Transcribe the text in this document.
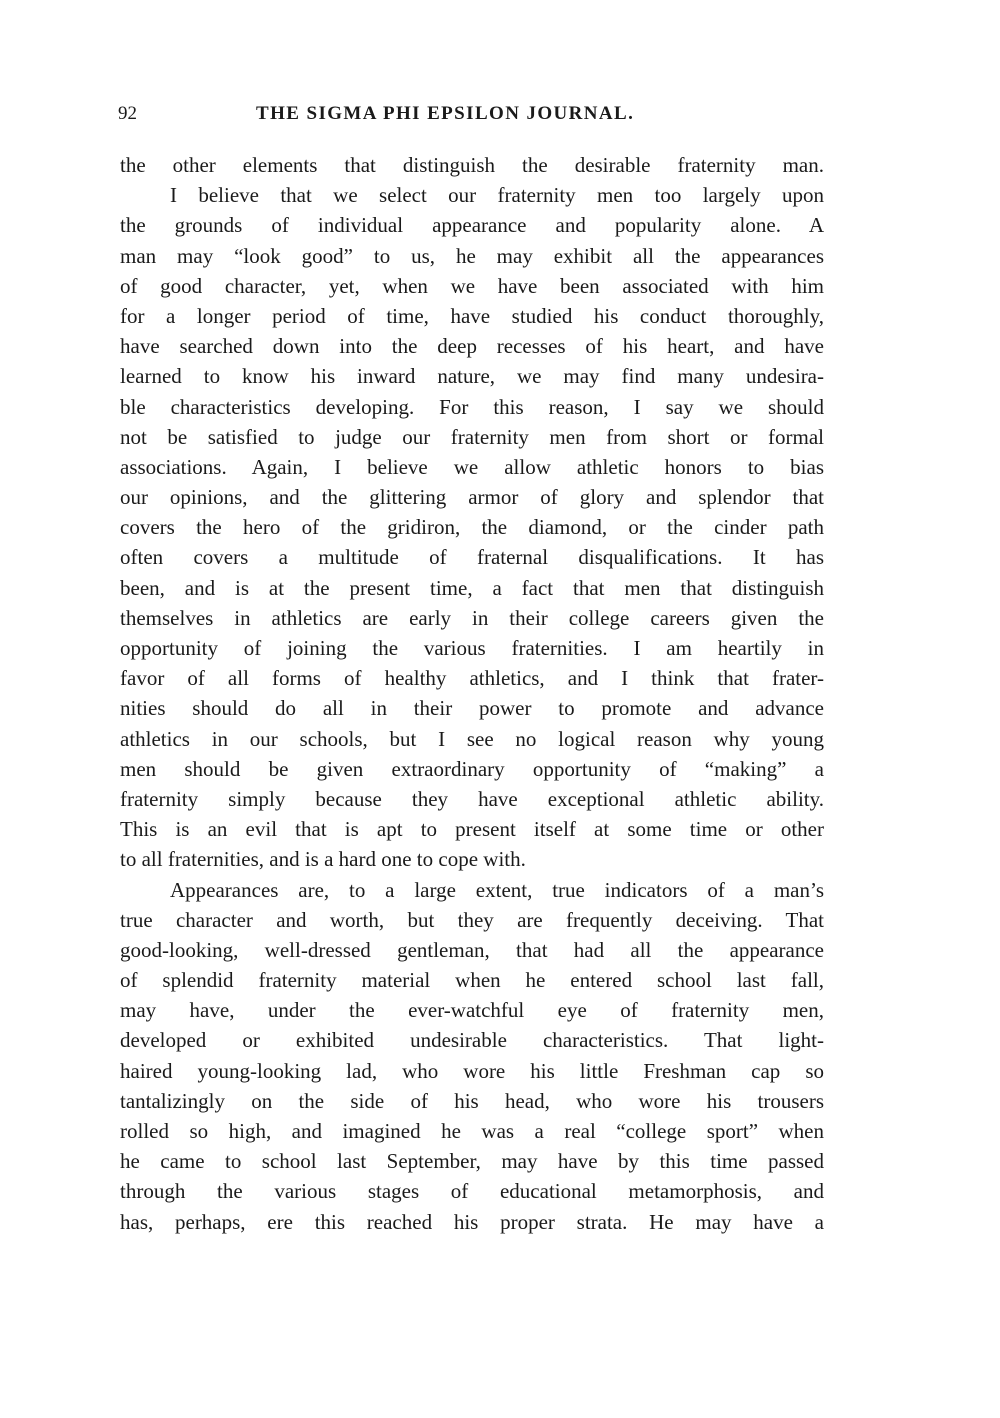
92	THE SIGMA PHI EPSILON JOURNAL.
the other elements that distinguish the desirable fraternity man.
I believe that we select our fraternity men too largely upon
the grounds of individual appearance and popularity alone. A
man may “look good” to us, he may exhibit all the appearances
of good character, yet, when we have been associated with him
for a longer period of time, have studied his conduct thoroughly,
have searched down into the deep recesses of his heart, and have
learned to know his inward nature, we may find many undesira-
ble characteristics developing. For this reason, I say we should
not be satisfied to judge our fraternity men from short or formal
associations. Again, I believe we allow athletic honors to bias
our opinions, and the glittering armor of glory and splendor that
covers the hero of the gridiron, the diamond, or the cinder path
often covers a multitude of fraternal disqualifications. It has
been, and is at the present time, a fact that men that distinguish
themselves in athletics are early in their college careers given the
opportunity of joining the various fraternities. I am heartily in
favor of all forms of healthy athletics, and I think that frater-
nities should do all in their power to promote and advance
athletics in our schools, but I see no logical reason why young
men should be given extraordinary opportunity of “making” a
fraternity simply because they have exceptional athletic ability.
This is an evil that is apt to present itself at some time or other
to all fraternities, and is a hard one to cope with.
Appearances are, to a large extent, true indicators of a man’s
true character and worth, but they are frequently deceiving. That
good-looking, well-dressed gentleman, that had all the appearance
of splendid fraternity material when he entered school last fall,
may have, under the ever-watchful eye of fraternity men,
developed or exhibited undesirable characteristics. That light-
haired young-looking lad, who wore his little Freshman cap so
tantalizingly on the side of his head, who wore his trousers
rolled so high, and imagined he was a real “college sport” when
he came to school last September, may have by this time passed
through the various stages of educational metamorphosis, and
has, perhaps, ere this reached his proper strata. He may have a
